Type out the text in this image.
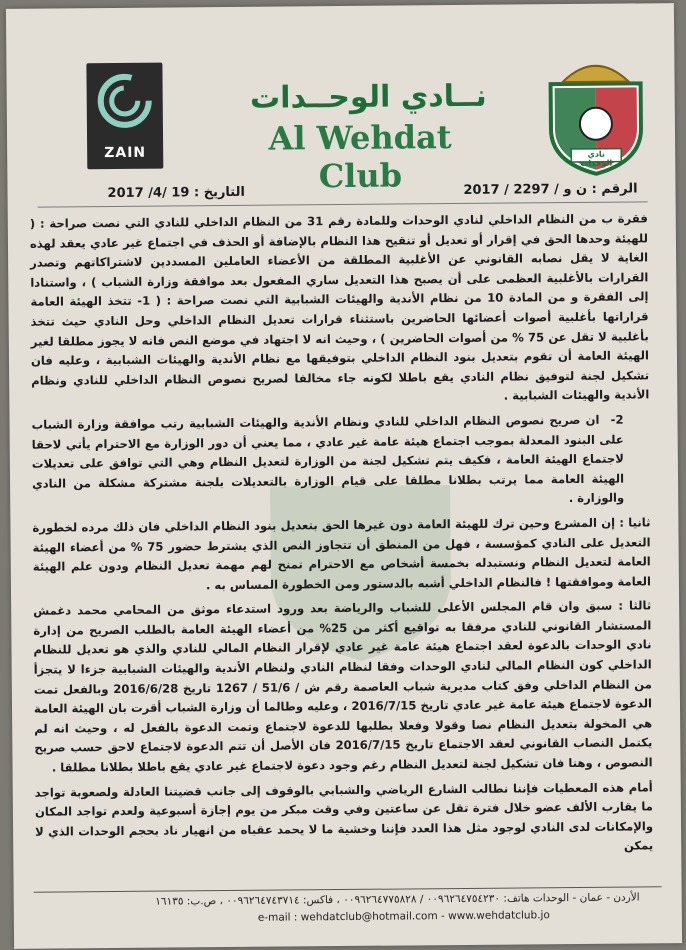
ZAIN
نــادي الوحــدات
Al Wehdat Club
نادي الوحدات
الرقم : ن و / 2297 / 2017
التاريخ : 19 /4/ 2017

فقرة ب من النظام الداخلي لنادي الوحدات وللمادة رقم 31 من النظام الداخلي للنادي التي نصت صراحة : ( للهيئة وحدها الحق في إقرار أو تعديل أو تنقيح هذا النظام بالإضافة أو الحذف في اجتماع غير عادي يعقد لهذه الغاية لا يقل نصابه القانوني عن الأغلبية المطلقة من الأعضاء العاملين المسددين لاشتراكاتهم وتصدر القرارات بالأغلبية العظمى على أن يصبح هذا التعديل ساري المفعول بعد موافقة وزارة الشباب ) ، واستنادا إلى الفقرة و من المادة 10 من نظام الأندية والهيئات الشبابية التي نصت صراحة : ( 1- تتخذ الهيئة العامة قراراتها بأغلبية أصوات أعضائها الحاضرين باستثناء قرارات تعديل النظام الداخلي وحل النادي حيث تتخذ بأغلبية لا تقل عن 75 % من أصوات الحاضرين ) ، وحيث انه لا اجتهاد في موضع النص فانه لا يجوز مطلقا لغير الهيئة العامة أن تقوم بتعديل بنود النظام الداخلي بتوفيقها مع نظام الأندية والهيئات الشبابية ، وعليه فان تشكيل لجنة لتوفيق نظام النادي يقع باطلا لكونه جاء مخالفا لصريح نصوص النظام الداخلي للنادي ونظام الأندية والهيئات الشبابية .

2- ان صريح نصوص النظام الداخلي للنادي ونظام الأندية والهيئات الشبابية رتب موافقة وزارة الشباب على البنود المعدلة بموجب اجتماع هيئة عامة غير عادي ، مما يعني أن دور الوزارة مع الاحترام يأتي لاحقا لاجتماع الهيئة العامة ، فكيف يتم تشكيل لجنة من الوزارة لتعديل النظام وهي التي توافق على تعديلات الهيئة العامة مما يرتب بطلانا مطلقا على قيام الوزارة بالتعديلات بلجنة مشتركة مشكلة من النادي والوزارة .

ثانيا : إن المشرع وحين ترك للهيئة العامة دون غيرها الحق بتعديل بنود النظام الداخلي فان ذلك مرده لخطورة التعديل على النادي كمؤسسة ، فهل من المنطق أن تتجاوز النص الذي يشترط حضور 75 % من أعضاء الهيئة العامة لتعديل النظام ونستبدله بخمسة أشخاص مع الاحترام تمنح لهم مهمة تعديل النظام ودون علم الهيئة العامة وموافقتها ! فالنظام الداخلي أشبه بالدستور ومن الخطورة المساس به .

ثالثا : سبق وان قام المجلس الأعلى للشباب والرياضة بعد ورود استدعاء موثق من المحامي محمد دغمش المستشار القانوني للنادي مرفقا به تواقيع أكثر من 25% من أعضاء الهيئة العامة بالطلب الصريح من إدارة نادي الوحدات بالدعوة لعقد اجتماع هيئة عامة غير عادي لإقرار النظام المالي للنادي والذي هو تعديل للنظام الداخلي كون النظام المالي لنادي الوحدات وفقا لنظام النادي ولنظام الأندية والهيئات الشبابية جزءا لا يتجزأ من النظام الداخلي وفق كتاب مديرية شباب العاصمة رقم ش / 51/6 / 1267 تاريخ 2016/6/28 وبالفعل تمت الدعوة لاجتماع هيئة عامة غير عادي تاريخ 2016/7/15 ، وعليه وطالما أن وزارة الشباب أقرت بان الهيئة العامة هي المخولة بتعديل النظام نصا وقولا وفعلا بطلبها للدعوة لاجتماع وتمت الدعوة بالفعل له ، وحيث انه لم يكتمل النصاب القانوني لعقد الاجتماع تاريخ 2016/7/15 فان الأصل أن تتم الدعوة لاجتماع لاحق حسب صريح النصوص ، وهنا فان تشكيل لجنة لتعديل النظام رغم وجود دعوة لاجتماع غير عادي يقع باطلا بطلانا مطلقا .

أمام هذه المعطيات فإننا نطالب الشارع الرياضي والشبابي بالوقوف إلى جانب قضيتنا العادلة ولصعوبة تواجد ما يقارب الألف عضو خلال فترة تقل عن ساعتين وفي وقت مبكر من يوم إجازة أسبوعية ولعدم تواجد المكان والإمكانات لدى النادي لوجود مثل هذا العدد فإننا وخشية ما لا يحمد عقباه من انهيار ناد بحجم الوحدات الذي لا يمكن

الأردن - عمان - الوحدات هاتف: ٠٠٩٦٢٦٤٧٥٤٢٣٠ / ٠٠٩٦٢٦٤٧٧٥٨٢٨ ، فاكس: ٠٠٩٦٢٦٤٧٤٣٧١٤ ، ص.ب: ١٦١٣٥
e-mail : wehdatclub@hotmail.com - www.wehdatclub.jo
